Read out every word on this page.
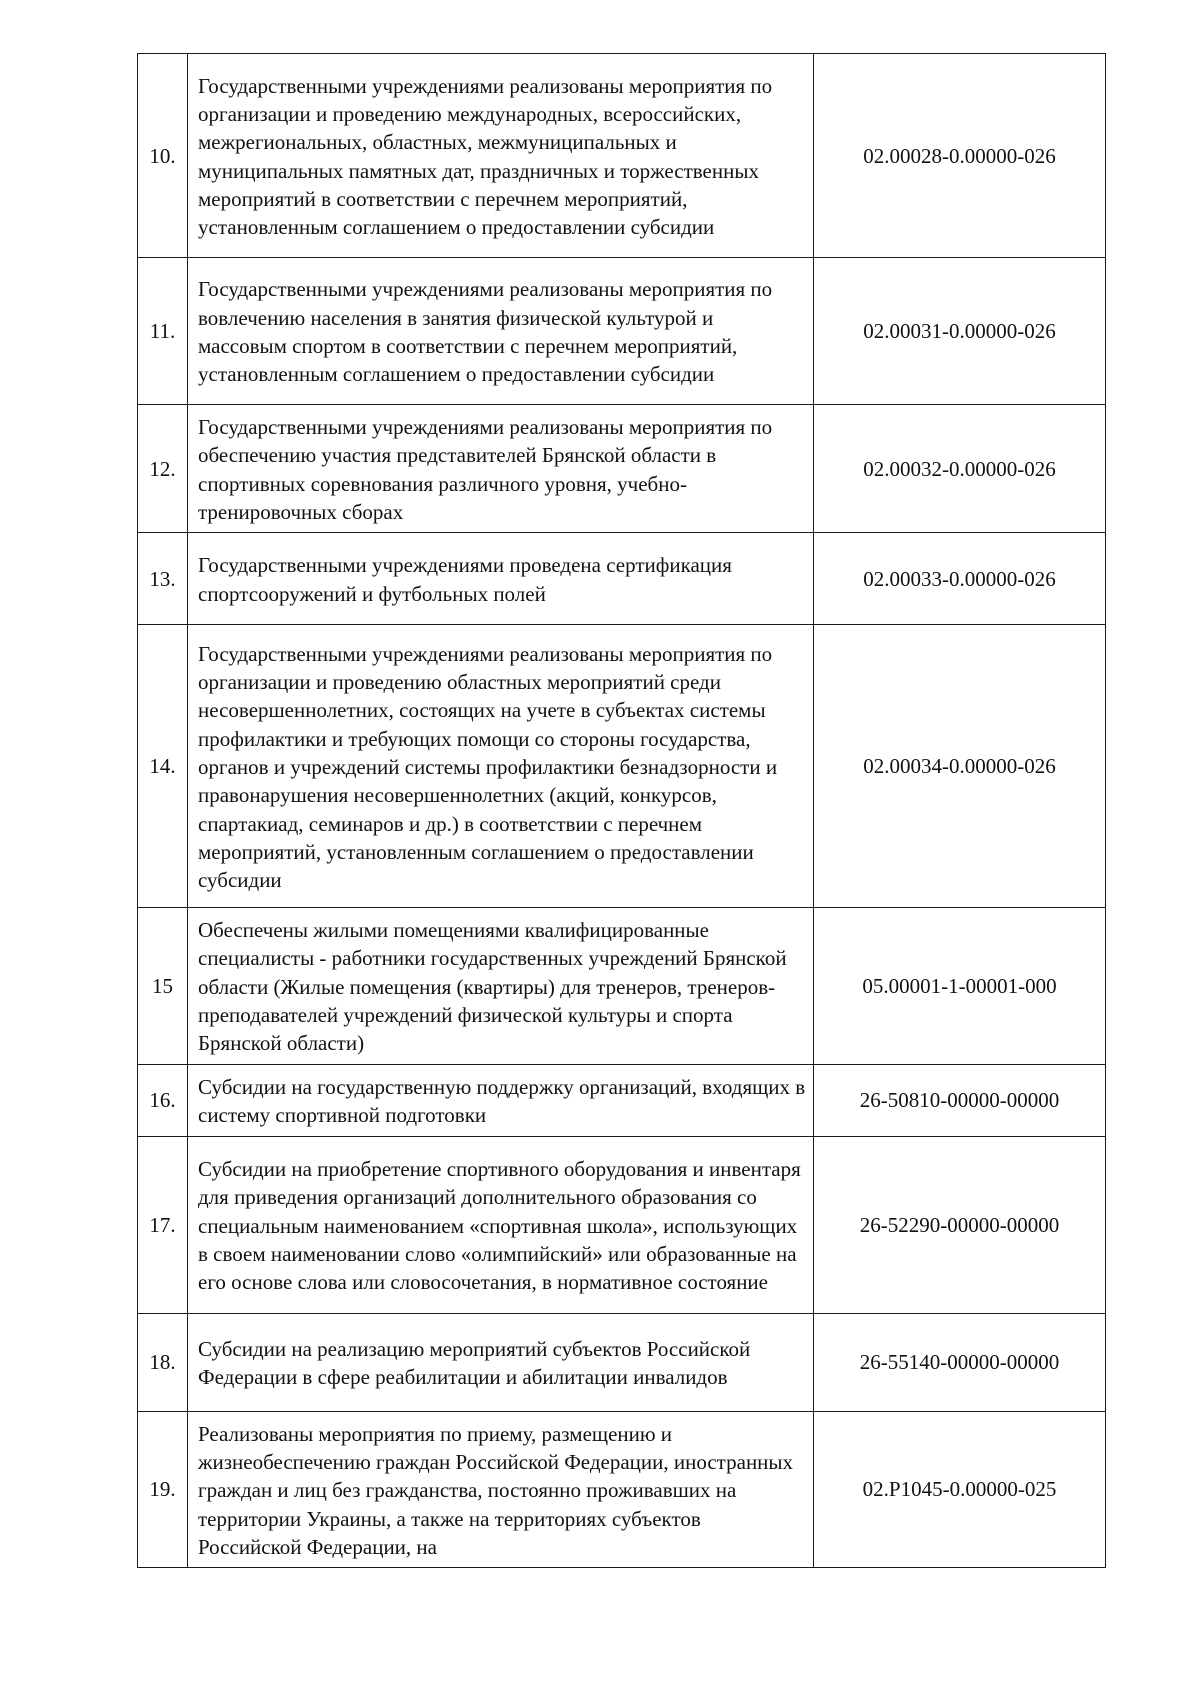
10.	Государственными учреждениями реализованы мероприятия по организации и проведению международных, всероссийских, межрегиональных, областных, межмуниципальных и муниципальных памятных дат, праздничных и торжественных мероприятий в соответствии с перечнем мероприятий, установленным соглашением о предоставлении субсидии	02.00028-0.00000-026
11.	Государственными учреждениями реализованы мероприятия по вовлечению населения в занятия физической культурой и массовым спортом в соответствии с перечнем мероприятий, установленным соглашением о предоставлении субсидии	02.00031-0.00000-026
12.	Государственными учреждениями реализованы мероприятия по обеспечению участия представителей Брянской области в спортивных соревнования различного уровня, учебно-тренировочных сборах	02.00032-0.00000-026
13.	Государственными учреждениями проведена сертификация спортсооружений и футбольных полей	02.00033-0.00000-026
14.	Государственными учреждениями реализованы мероприятия по организации и проведению областных мероприятий среди несовершеннолетних, состоящих на учете в субъектах системы профилактики и требующих помощи со стороны государства, органов и учреждений системы профилактики безнадзорности и правонарушения несовершеннолетних (акций, конкурсов, спартакиад, семинаров и др.) в соответствии с перечнем мероприятий, установленным соглашением о предоставлении субсидии	02.00034-0.00000-026
15	Обеспечены жилыми помещениями квалифицированные специалисты - работники государственных учреждений Брянской области (Жилые помещения (квартиры) для тренеров, тренеров-преподавателей учреждений физической культуры и спорта Брянской области)	05.00001-1-00001-000
16.	Субсидии на государственную поддержку организаций, входящих в систему спортивной подготовки	26-50810-00000-00000
17.	Субсидии на приобретение спортивного оборудования и инвентаря для приведения организаций дополнительного образования со специальным наименованием «спортивная школа», использующих в своем наименовании слово «олимпийский» или образованные на его основе слова или словосочетания, в нормативное состояние	26-52290-00000-00000
18.	Субсидии на реализацию мероприятий субъектов Российской Федерации в сфере реабилитации и абилитации инвалидов	26-55140-00000-00000
19.	Реализованы мероприятия по приему, размещению и жизнеобеспечению граждан Российской Федерации, иностранных граждан и лиц без гражданства, постоянно проживавших на территории Украины, а также на территориях субъектов Российской Федерации, на	02.Р1045-0.00000-025
